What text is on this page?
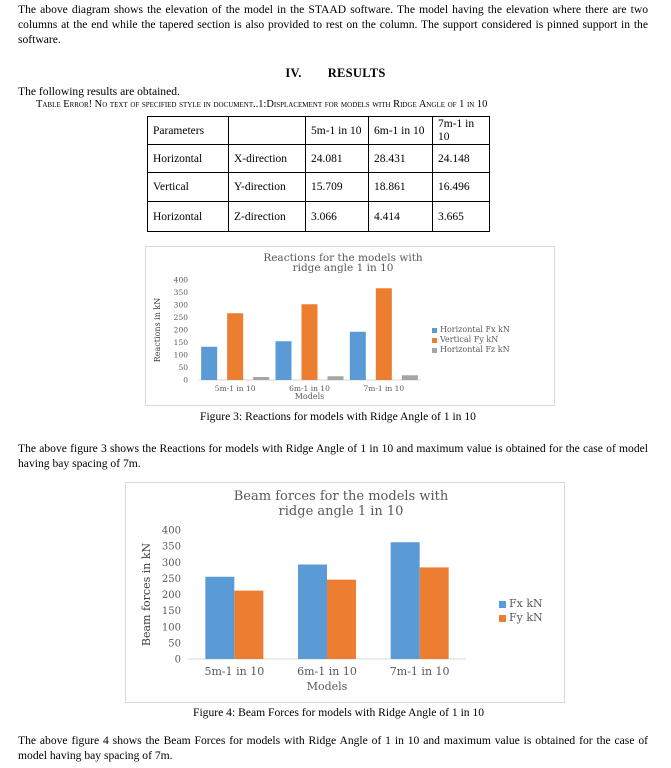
The above diagram shows the elevation of the model in the STAAD software. The model having the elevation where there are two columns at the end while the tapered section is also provided to rest on the column. The support considered is pinned support in the software.
IV. RESULTS
The following results are obtained.
Table Error! No text of specified style in document..1:Displacement for models with Ridge Angle of 1 in 10
Parameters		5m-1 in 10	6m-1 in 10	7m-1 in 10
Horizontal	X-direction	24.081	28.431	24.148
Vertical	Y-direction	15.709	18.861	16.496
Horizontal	Z-direction	3.066	4.414	3.665
Reactions for the models with
ridge angle 1 in 10
0
50
100
150
200
250
300
350
400
Reactions in kN
5m-1 in 10	6m-1 in 10	7m-1 in 10
Models
Horizontal Fx kN
Vertical Fy kN
Horizontal Fz kN
Figure 3: Reactions for models with Ridge Angle of 1 in 10
The above figure 3 shows the Reactions for models with Ridge Angle of 1 in 10 and maximum value is obtained for the case of model having bay spacing of 7m.
Beam forces for the models with
ridge angle 1 in 10
0
50
100
150
200
250
300
350
400
Beam forces in kN
5m-1 in 10	6m-1 in 10	7m-1 in 10
Models
Fx kN
Fy kN
Figure 4: Beam Forces for models with Ridge Angle of 1 in 10
The above figure 4 shows the Beam Forces for models with Ridge Angle of 1 in 10 and maximum value is obtained for the case of model having bay spacing of 7m.
